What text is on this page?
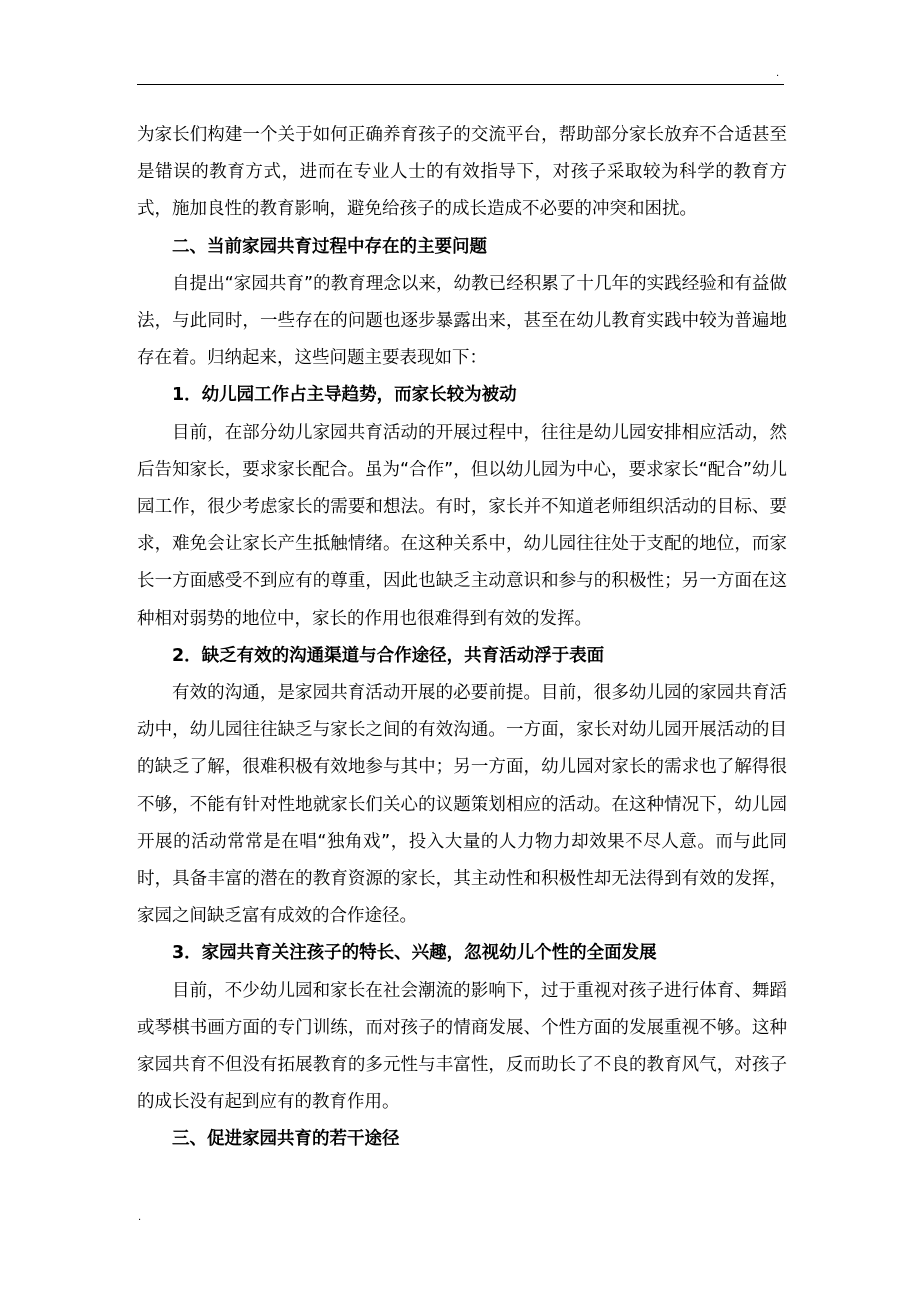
.

为家长们构建一个关于如何正确养育孩子的交流平台，帮助部分家长放弃不合适甚至是错误的教育方式，进而在专业人士的有效指导下，对孩子采取较为科学的教育方式，施加良性的教育影响，避免给孩子的成长造成不必要的冲突和困扰。

二、当前家园共育过程中存在的主要问题

自提出“家园共育”的教育理念以来，幼教已经积累了十几年的实践经验和有益做法，与此同时，一些存在的问题也逐步暴露出来，甚至在幼儿教育实践中较为普遍地存在着。归纳起来，这些问题主要表现如下：

1．幼儿园工作占主导趋势，而家长较为被动

目前，在部分幼儿家园共育活动的开展过程中，往往是幼儿园安排相应活动，然后告知家长，要求家长配合。虽为“合作”，但以幼儿园为中心，要求家长“配合”幼儿园工作，很少考虑家长的需要和想法。有时，家长并不知道老师组织活动的目标、要求，难免会让家长产生抵触情绪。在这种关系中，幼儿园往往处于支配的地位，而家长一方面感受不到应有的尊重，因此也缺乏主动意识和参与的积极性；另一方面在这种相对弱势的地位中，家长的作用也很难得到有效的发挥。

2．缺乏有效的沟通渠道与合作途径，共育活动浮于表面

有效的沟通，是家园共育活动开展的必要前提。目前，很多幼儿园的家园共育活动中，幼儿园往往缺乏与家长之间的有效沟通。一方面，家长对幼儿园开展活动的目的缺乏了解，很难积极有效地参与其中；另一方面，幼儿园对家长的需求也了解得很不够，不能有针对性地就家长们关心的议题策划相应的活动。在这种情况下，幼儿园开展的活动常常是在唱“独角戏”，投入大量的人力物力却效果不尽人意。而与此同时，具备丰富的潜在的教育资源的家长，其主动性和积极性却无法得到有效的发挥，家园之间缺乏富有成效的合作途径。

3．家园共育关注孩子的特长、兴趣，忽视幼儿个性的全面发展

目前，不少幼儿园和家长在社会潮流的影响下，过于重视对孩子进行体育、舞蹈或琴棋书画方面的专门训练，而对孩子的情商发展、个性方面的发展重视不够。这种家园共育不但没有拓展教育的多元性与丰富性，反而助长了不良的教育风气，对孩子的成长没有起到应有的教育作用。

三、促进家园共育的若干途径

.
